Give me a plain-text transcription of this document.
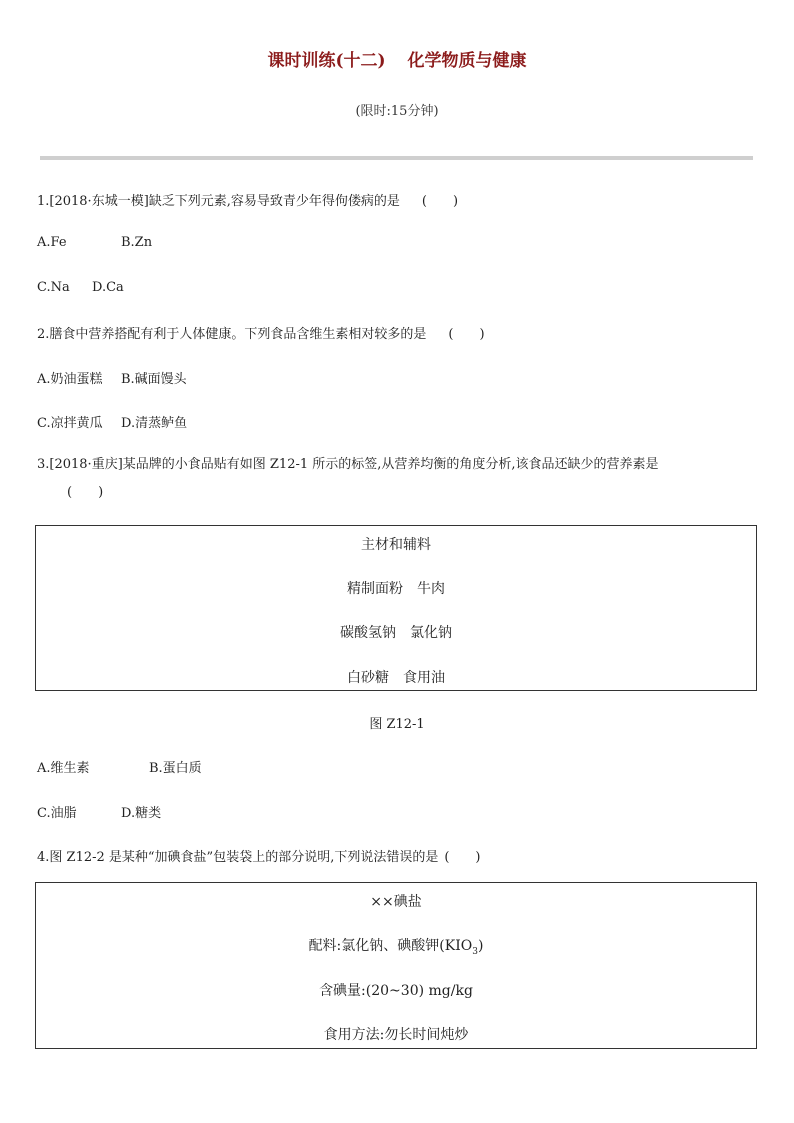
课时训练(十二) 化学物质与健康
(限时:15分钟)
1.[2018·东城一模]缺乏下列元素,容易导致青少年得佝偻病的是 (　　)
A.Fe	B.Zn
C.Na D.Ca
2.膳食中营养搭配有利于人体健康。下列食品含维生素相对较多的是 (　　)
A.奶油蛋糕 B.碱面馒头
C.凉拌黄瓜 D.清蒸鲈鱼
3.[2018·重庆]某品牌的小食品贴有如图 Z12-1 所示的标签,从营养均衡的角度分析,该食品还缺少的营养素是
(　　)
主材和辅料
精制面粉　牛肉
碳酸氢钠　氯化钠
白砂糖　食用油
图 Z12-1
A.维生素	B.蛋白质
C.油脂	D.糖类
4.图 Z12-2 是某种“加碘食盐”包装袋上的部分说明,下列说法错误的是 (　　)
××碘盐
配料:氯化钠、碘酸钾$(KIO_3)$
含碘量:(20~30) mg/kg
食用方法:勿长时间炖炒
